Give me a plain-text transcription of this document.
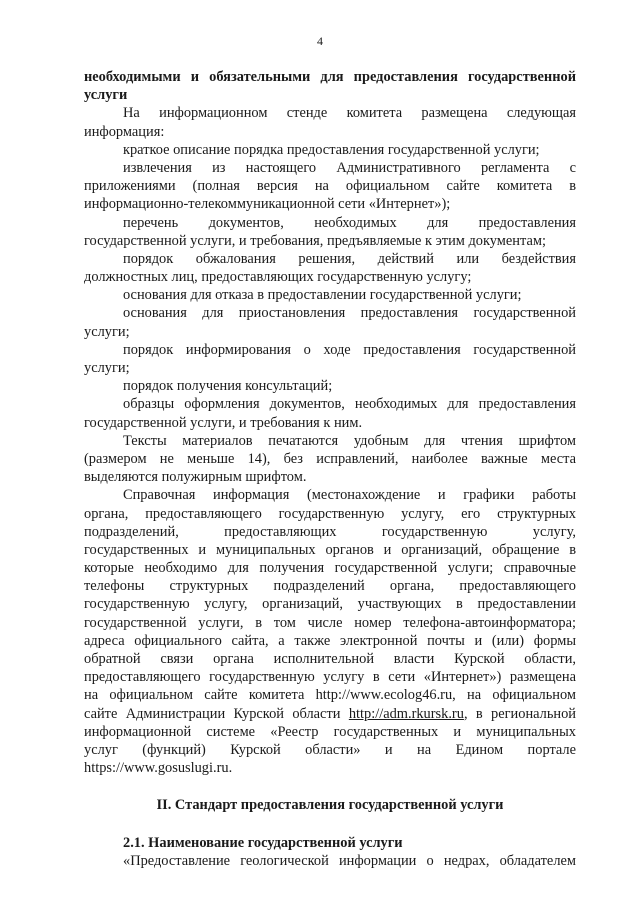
4
необходимыми и обязательными для предоставления государственной
услуги
На информационном стенде комитета размещена следующая
информация:
краткое описание порядка предоставления государственной услуги;
извлечения из настоящего Административного регламента с
приложениями (полная версия на официальном сайте комитета в
информационно-телекоммуникационной сети «Интернет»);
перечень документов, необходимых для предоставления
государственной услуги, и требования, предъявляемые к этим документам;
порядок обжалования решения, действий или бездействия
должностных лиц, предоставляющих государственную услугу;
основания для отказа в предоставлении государственной услуги;
основания для приостановления предоставления государственной
услуги;
порядок информирования о ходе предоставления государственной
услуги;
порядок получения консультаций;
образцы оформления документов, необходимых для предоставления
государственной услуги, и требования к ним.
Тексты материалов печатаются удобным для чтения шрифтом
(размером не меньше 14), без исправлений, наиболее важные места
выделяются полужирным шрифтом.
Справочная информация (местонахождение и графики работы
органа, предоставляющего государственную услугу, его структурных
подразделений, предоставляющих государственную услугу,
государственных и муниципальных органов и организаций, обращение в
которые необходимо для получения государственной услуги; справочные
телефоны структурных подразделений органа, предоставляющего
государственную услугу, организаций, участвующих в предоставлении
государственной услуги, в том числе номер телефона-автоинформатора;
адреса официального сайта, а также электронной почты и (или) формы
обратной связи органа исполнительной власти Курской области,
предоставляющего государственную услугу в сети «Интернет») размещена
на официальном сайте комитета http://www.ecolog46.ru, на официальном
сайте Администрации Курской области http://adm.rkursk.ru, в региональной
информационной системе «Реестр государственных и муниципальных
услуг (функций) Курской области» и на Едином портале
https://www.gosuslugi.ru.
II. Стандарт предоставления государственной услуги
2.1. Наименование государственной услуги
«Предоставление геологической информации о недрах, обладателем
